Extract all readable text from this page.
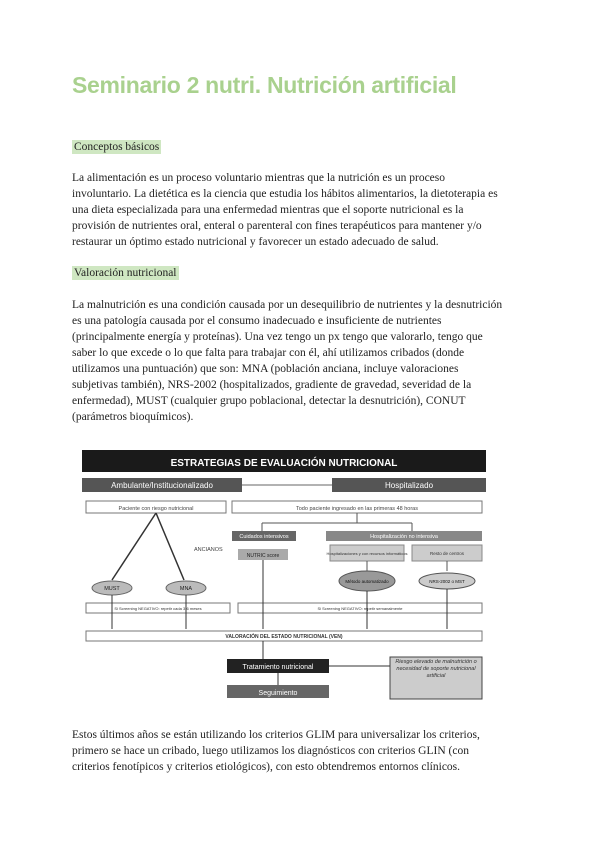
Seminario 2 nutri. Nutrición artificial
Conceptos básicos
La alimentación es un proceso voluntario mientras que la nutrición es un proceso
involuntario. La dietética es la ciencia que estudia los hábitos alimentarios, la dietoterapia es
una dieta especializada para una enfermedad mientras que el soporte nutricional es la
provisión de nutrientes oral, enteral o parenteral con fines terapéuticos para mantener y/o
restaurar un óptimo estado nutricional y favorecer un estado adecuado de salud.
Valoración nutricional
La malnutrición es una condición causada por un desequilibrio de nutrientes y la desnutrición
es una patología causada por el consumo inadecuado e insuficiente de nutrientes
(principalmente energía y proteínas). Una vez tengo un px tengo que valorarlo, tengo que
saber lo que excede o lo que falta para trabajar con él, ahí utilizamos cribados (donde
utilizamos una puntuación) que son: MNA (población anciana, incluye valoraciones
subjetivas también), NRS-2002 (hospitalizados, gradiente de gravedad, severidad de la
enfermedad), MUST (cualquier grupo poblacional, detectar la desnutrición), CONUT
(parámetros bioquímicos).
ESTRATEGIAS DE EVALUACIÓN NUTRICIONAL
Ambulante/Institucionalizado	Hospitalizado
Paciente con riesgo nutricional	Todo paciente ingresado en las primeras 48 horas
ANCIANOS
Cuidados intensivos	Hospitalización no intensiva
NUTRIC score	Hospitalizaciones y con recursos informáticos	Resto de centros
MUST	MNA
Método automatizado	NRS-2002 o MST
Si Screening NEGATIVO: repetir cada 3-6 meses	Si Screening NEGATIVO: repetir semanalmente
VALORACIÓN DEL ESTADO NUTRICIONAL (VEN)
Tratamiento nutricional
Seguimiento
Riesgo elevado de malnutrición o necesidad de soporte nutricional artificial
Estos últimos años se están utilizando los criterios GLIM para universalizar los criterios,
primero se hace un cribado, luego utilizamos los diagnósticos con criterios GLIN (con
criterios fenotípicos y criterios etiológicos), con esto obtendremos entornos clínicos.
